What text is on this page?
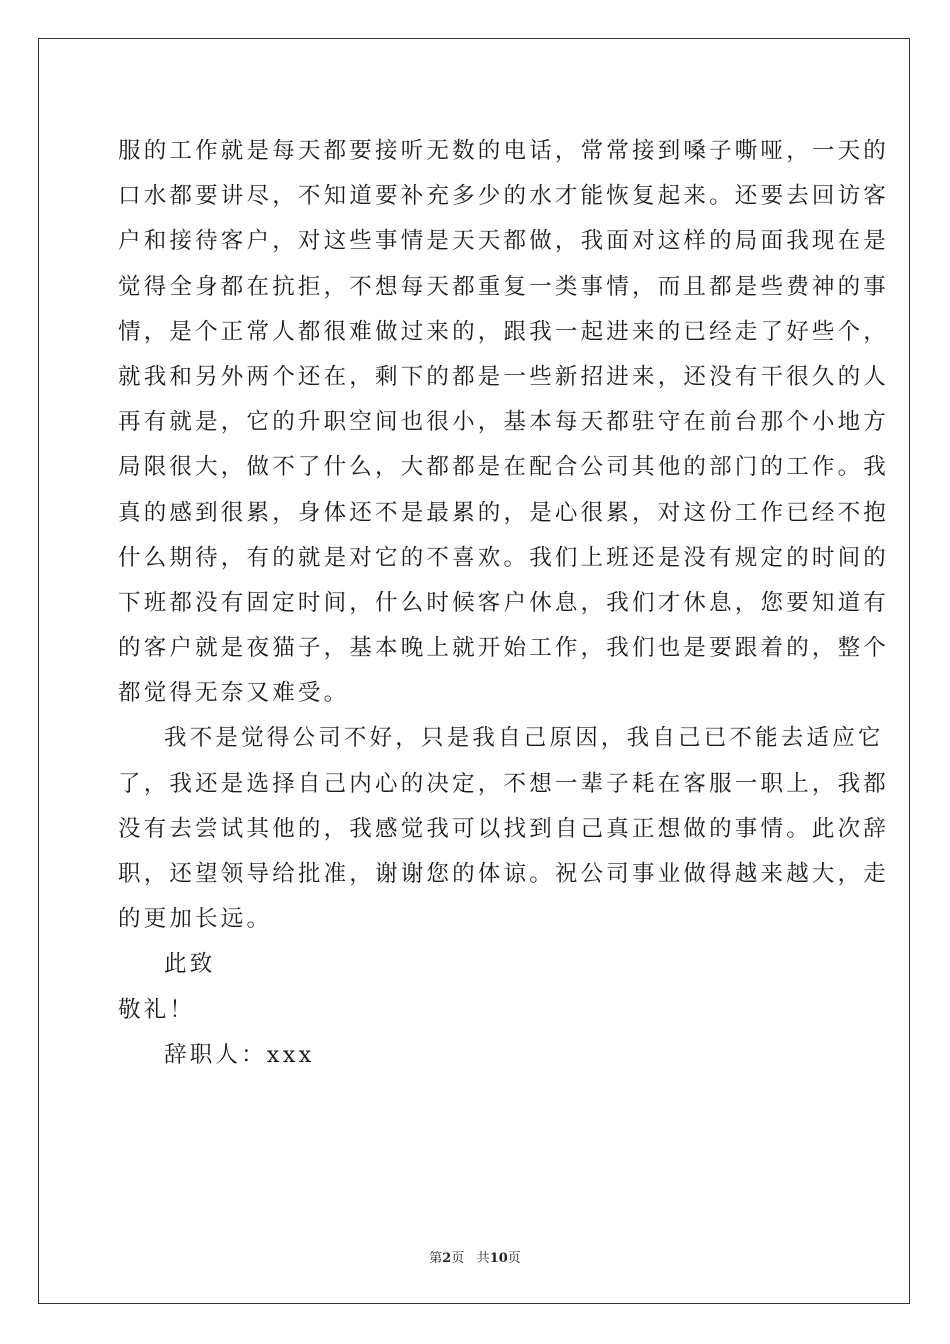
服的工作就是每天都要接听无数的电话，常常接到嗓子嘶哑，一天的
口水都要讲尽，不知道要补充多少的水才能恢复起来。还要去回访客
户和接待客户，对这些事情是天天都做，我面对这样的局面我现在是
觉得全身都在抗拒，不想每天都重复一类事情，而且都是些费神的事
情，是个正常人都很难做过来的，跟我一起进来的已经走了好些个，
就我和另外两个还在，剩下的都是一些新招进来，还没有干很久的人
再有就是，它的升职空间也很小，基本每天都驻守在前台那个小地方
局限很大，做不了什么，大都都是在配合公司其他的部门的工作。我
真的感到很累，身体还不是最累的，是心很累，对这份工作已经不抱
什么期待，有的就是对它的不喜欢。我们上班还是没有规定的时间的
下班都没有固定时间，什么时候客户休息，我们才休息，您要知道有
的客户就是夜猫子，基本晚上就开始工作，我们也是要跟着的，整个
都觉得无奈又难受。
我不是觉得公司不好，只是我自己原因，我自己已不能去适应它
了，我还是选择自己内心的决定，不想一辈子耗在客服一职上，我都
没有去尝试其他的，我感觉我可以找到自己真正想做的事情。此次辞
职，还望领导给批准，谢谢您的体谅。祝公司事业做得越来越大，走
的更加长远。
此致
敬礼！
辞职人：xxx
第2页 共10页
